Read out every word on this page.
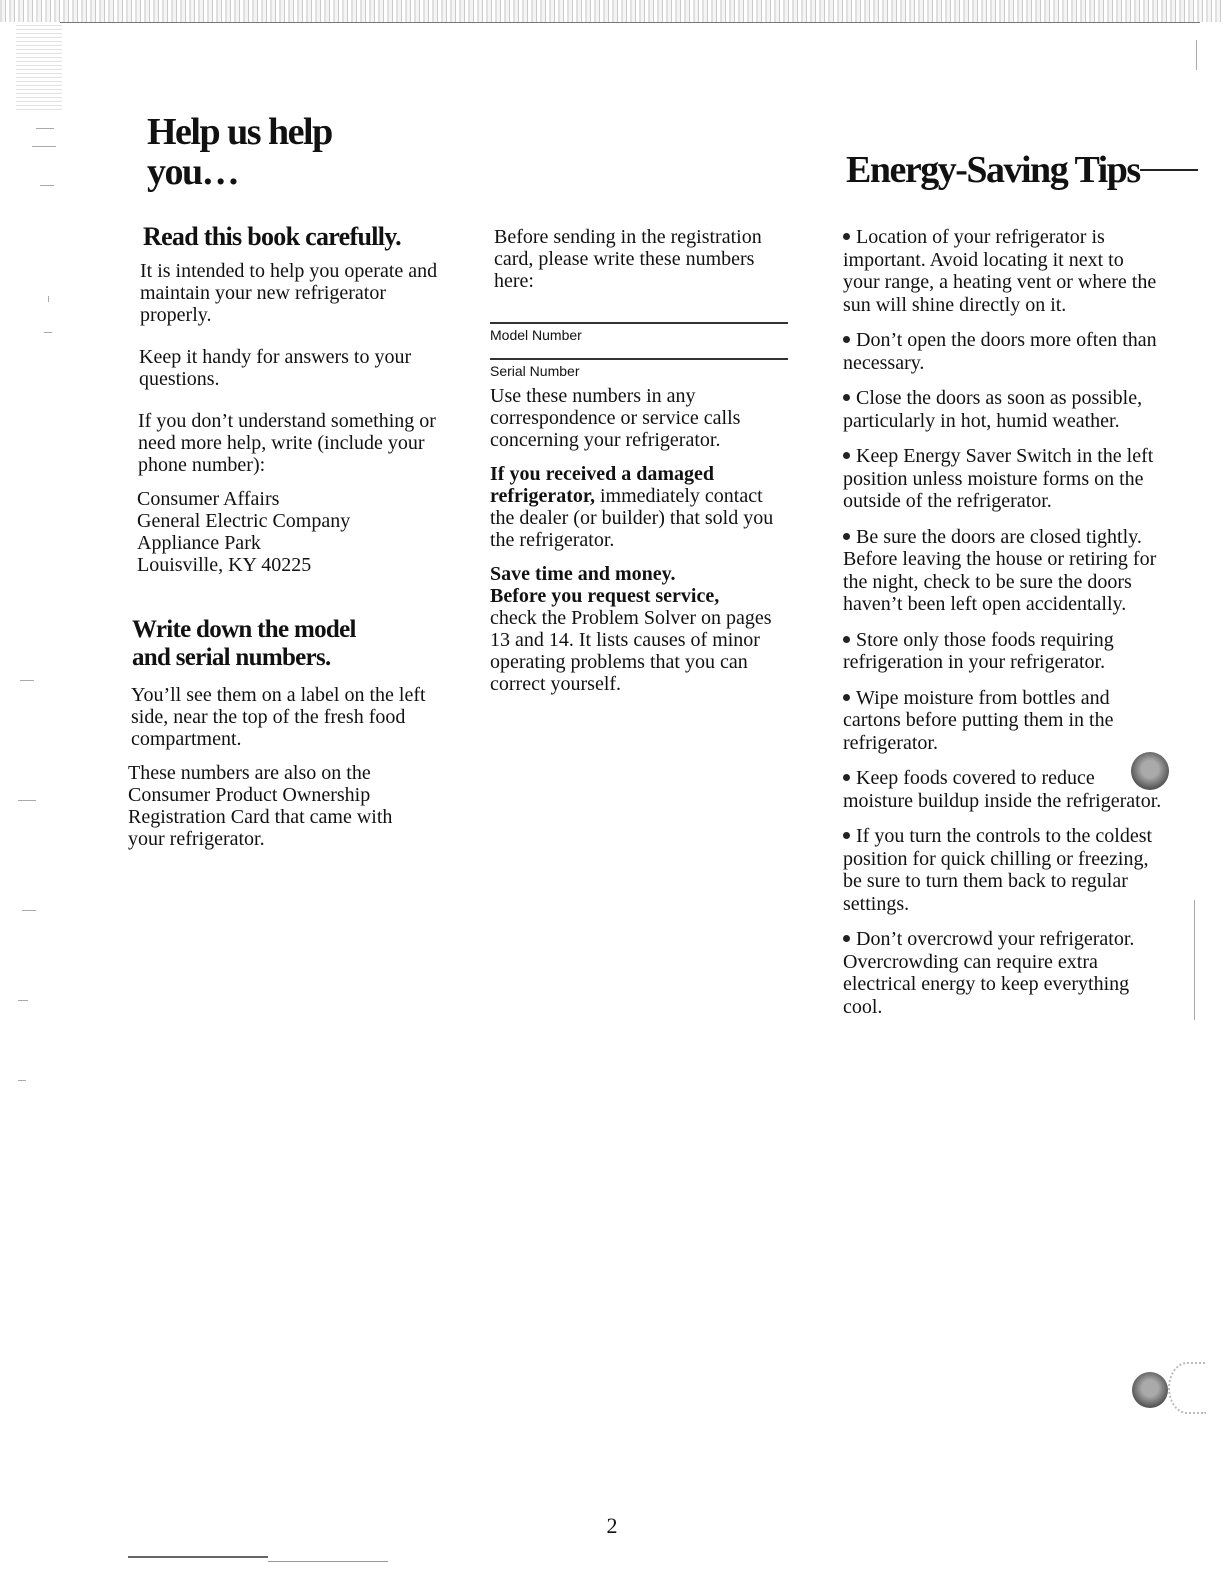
Help us help you…
Read this book carefully.

It is intended to help you operate and maintain your new refrigerator properly.

Keep it handy for answers to your questions.

If you don’t understand something or need more help, write (include your phone number):

Consumer Affairs

General Electric Company

Appliance Park

Louisville, KY 40225

Write down the model
and serial numbers.

You’ll see them on a label on the left side, near the top of the fresh food compartment.

These numbers are also on the Consumer Product Ownership Registration Card that came with your refrigerator.

Before sending in the registration card, please write these numbers here:

Model Number

Serial Number

Use these numbers in any correspondence or service calls concerning your refrigerator.

If you received a damaged refrigerator, immediately contact the dealer (or builder) that sold you the refrigerator.

Save time and money.
Before you request service,
check the Problem Solver on pages 13 and 14. It lists causes of minor operating problems that you can correct yourself.

Energy-Saving Tips

Location of your refrigerator is important. Avoid locating it next to your range, a heating vent or where the sun will shine directly on it.

Don’t open the doors more often than necessary.

Close the doors as soon as possible, particularly in hot, humid weather.

Keep Energy Saver Switch in the left position unless moisture forms on the outside of the refrigerator.

Be sure the doors are closed tightly. Before leaving the house or retiring for the night, check to be sure the doors haven’t been left open accidentally.

Store only those foods requiring refrigeration in your refrigerator.

Wipe moisture from bottles and cartons before putting them in the refrigerator.

Keep foods covered to reduce moisture buildup inside the refrigerator.

If you turn the controls to the coldest position for quick chilling or freezing, be sure to turn them back to regular settings.

Don’t overcrowd your refrigerator. Overcrowding can require extra electrical energy to keep everything cool.

2
